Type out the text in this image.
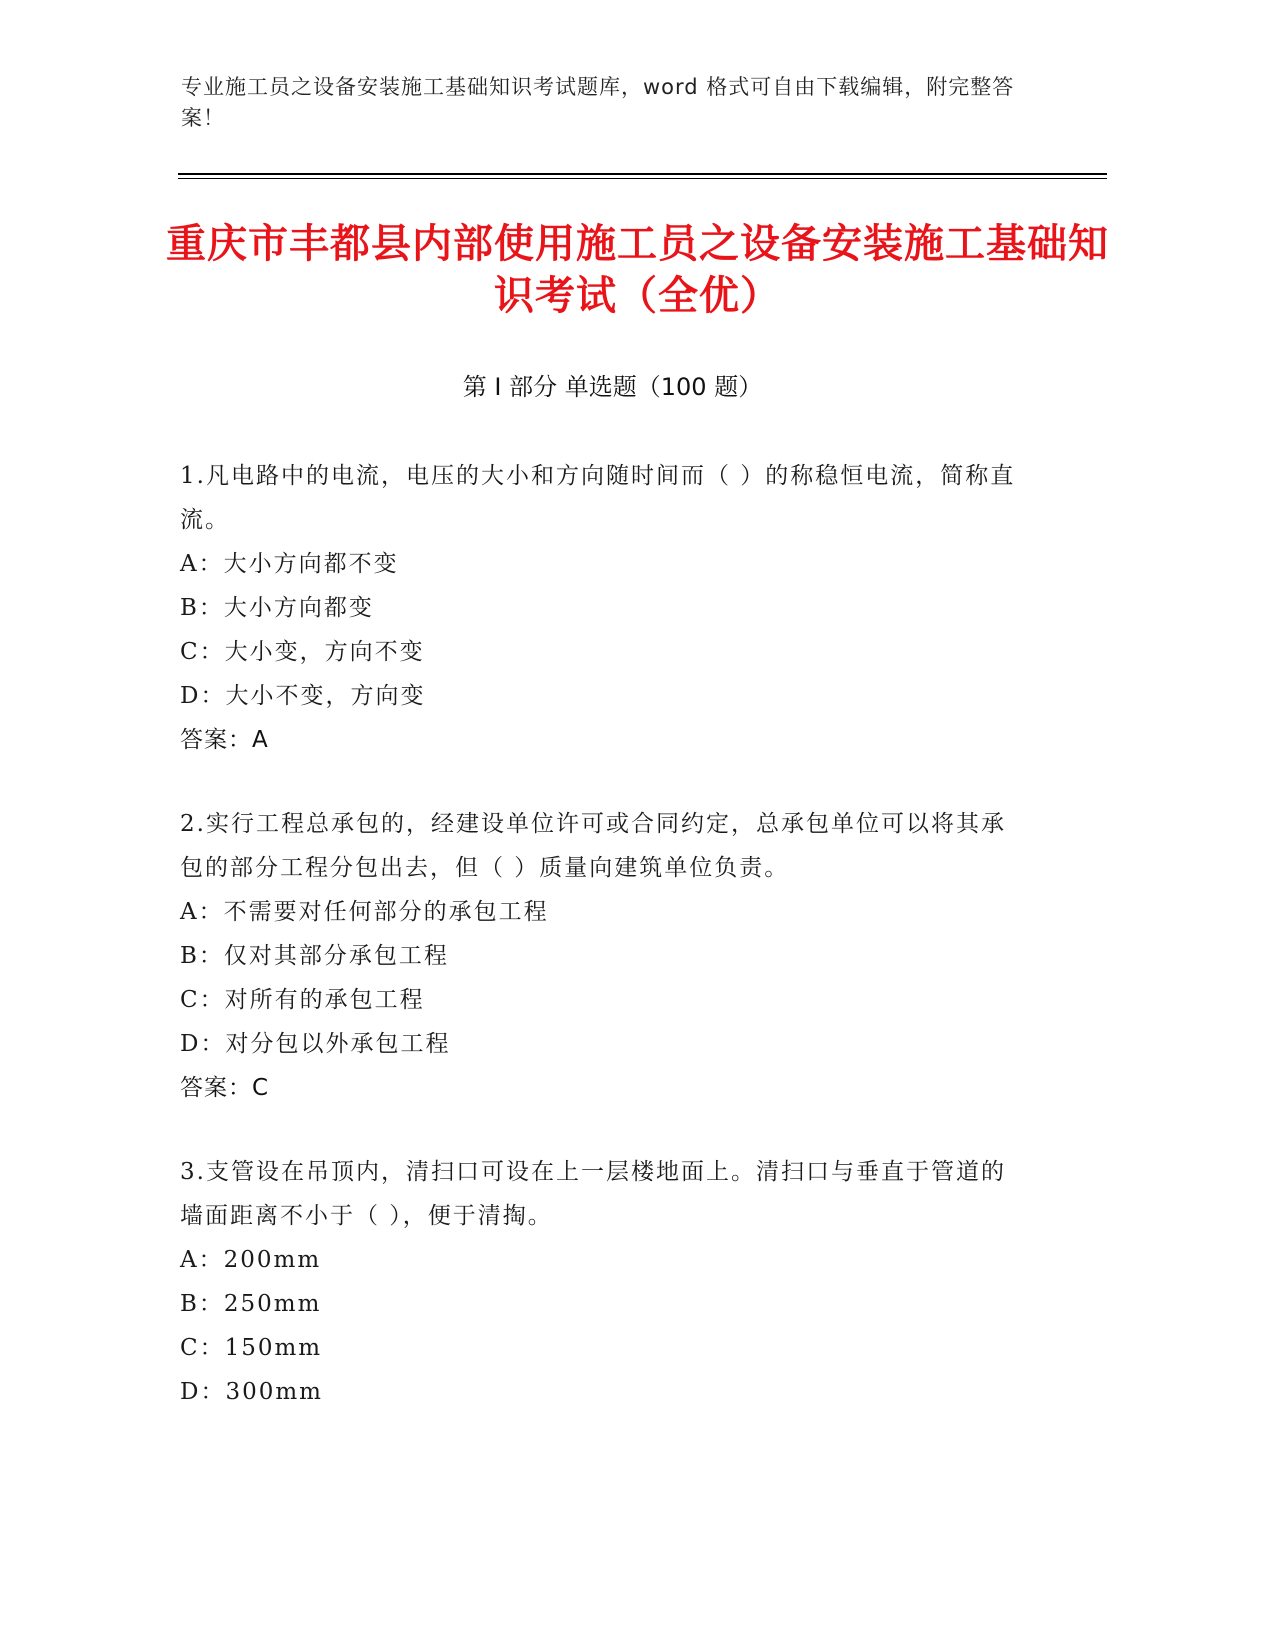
专业施工员之设备安装施工基础知识考试题库，word 格式可自由下载编辑，附完整答案！
重庆市丰都县内部使用施工员之设备安装施工基础知识考试（全优）
第 I 部分 单选题（100 题）
1.凡电路中的电流，电压的大小和方向随时间而（ ）的称稳恒电流，简称直流。
A：大小方向都不变
B：大小方向都变
C：大小变，方向不变
D：大小不变，方向变
答案：A
2.实行工程总承包的，经建设单位许可或合同约定，总承包单位可以将其承包的部分工程分包出去，但（ ）质量向建筑单位负责。
A：不需要对任何部分的承包工程
B：仅对其部分承包工程
C：对所有的承包工程
D：对分包以外承包工程
答案：C
3.支管设在吊顶内，清扫口可设在上一层楼地面上。清扫口与垂直于管道的墙面距离不小于（ ），便于清掏。
A：200mm
B：250mm
C：150mm
D：300mm
